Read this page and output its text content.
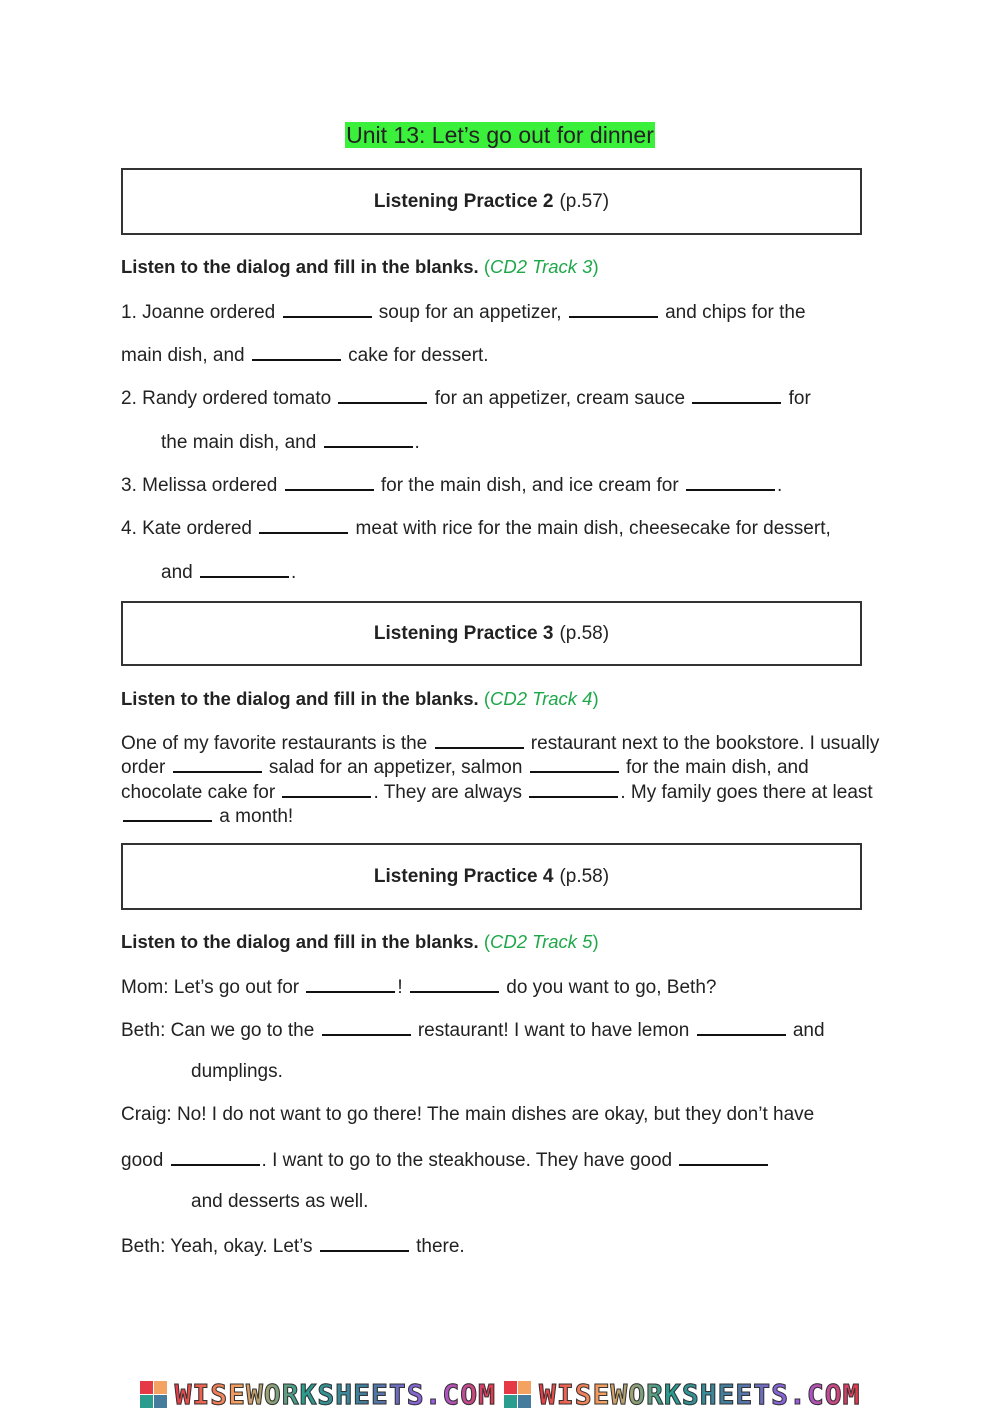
Unit 13: Let’s go out for dinner
Listening Practice 2 (p.57)
Listen to the dialog and fill in the blanks. (CD2 Track 3)
1. Joanne ordered	soup for an appetizer,	and chips for the
main dish, and	cake for dessert.
2. Randy ordered tomato	for an appetizer, cream sauce	for
the main dish, and	.
3. Melissa ordered	for the main dish, and ice cream for	.
4. Kate ordered	meat with rice for the main dish, cheesecake for dessert,
and	.
Listening Practice 3 (p.58)
Listen to the dialog and fill in the blanks. (CD2 Track 4)
One of my favorite restaurants is the	restaurant next to the bookstore. I usually order	salad for an appetizer, salmon	for the main dish, and chocolate cake for	. They are always	. My family goes there at least  a month!
Listening Practice 4 (p.58)
Listen to the dialog and fill in the blanks. (CD2 Track 5)
Mom: Let’s go out for	!	do you want to go, Beth?
Beth: Can we go to the	restaurant! I want to have lemon	and
dumplings.
Craig: No! I do not want to go there! The main dishes are okay, but they don’t have
good	. I want to go to the steakhouse. They have good
and desserts as well.
Beth: Yeah, okay. Let’s	there.
WISEWORKSHEETS.COM WISEWORKSHEETS.COM
